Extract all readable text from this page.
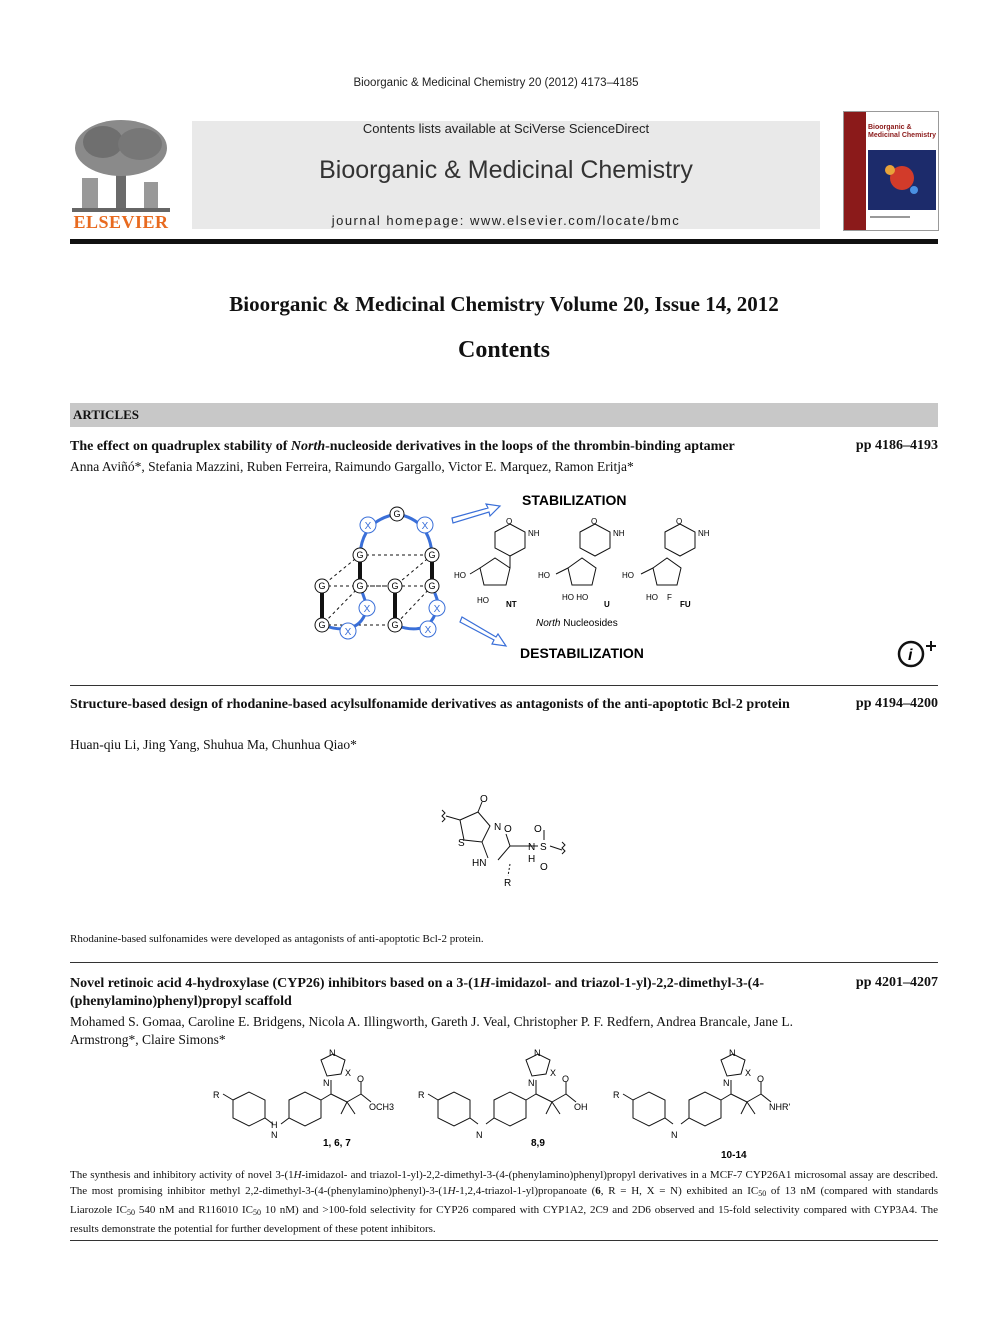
Bioorganic & Medicinal Chemistry 20 (2012) 4173–4185
ELSEVIER
Contents lists available at SciVerse ScienceDirect
Bioorganic & Medicinal Chemistry
journal homepage: www.elsevier.com/locate/bmc
Bioorganic & Medicinal Chemistry
Bioorganic & Medicinal Chemistry Volume 20, Issue 14, 2012
Contents
ARTICLES
The effect on quadruplex stability of North-nucleoside derivatives in the loops of the thrombin-binding aptamer	pp 4186–4193
Anna Aviñó*, Stefania Mazzini, Ruben Ferreira, Raimundo Gargallo, Victor E. Marquez, Ramon Eritja*
G
G	G
G	G
G	G
G	G
X	X
X
X
X
X
STABILIZATION
DESTABILIZATION
O
NH
HO
HO
O
NH
HO
HO HO
O
NH
HO
HO F
NT	U	FU
North Nucleosides
i
Structure-based design of rhodanine-based acylsulfonamide derivatives as antagonists of the anti-apoptotic Bcl-2 protein	pp 4194–4200
Huan-qiu Li, Jing Yang, Shuhua Ma, Chunhua Qiao*
O
N
S
HN
O
N
H
S
O
O
R
Rhodanine-based sulfonamides were developed as antagonists of anti-apoptotic Bcl-2 protein.
Novel retinoic acid 4-hydroxylase (CYP26) inhibitors based on a 3-(1H-imidazol- and triazol-1-yl)-2,2-dimethyl-3-(4-(phenylamino)phenyl)propyl scaffold
pp 4201–4207
Mohamed S. Gomaa, Caroline E. Bridgens, Nicola A. Illingworth, Gareth J. Veal, Christopher P. F. Redfern, Andrea Brancale, Jane L. Armstrong*, Claire Simons*
R
N
H
N
X
N	O
OCH3
R
N
N
X
N	O
OH
R
N
N
X
N	O
NHR'
1, 6, 7	8,9
10-14
The synthesis and inhibitory activity of novel 3-(1H-imidazol- and triazol-1-yl)-2,2-dimethyl-3-(4-(phenylamino)phenyl)propyl derivatives in a MCF-7 CYP26A1 microsomal assay are described. The most promising inhibitor methyl 2,2-dimethyl-3-(4-(phenylamino)phenyl)-3-(1H-1,2,4-triazol-1-yl)propanoate (6, R = H, X = N) exhibited an $IC_{50}$ of 13 nM (compared with standards Liarozole $IC_{50}$ 540 nM and R116010 $IC_{50}$ 10 nM) and >100-fold selectivity for CYP26 compared with CYP1A2, 2C9 and 2D6 observed and 15-fold selectivity compared with CYP3A4. The results demonstrate the potential for further development of these potent inhibitors.
